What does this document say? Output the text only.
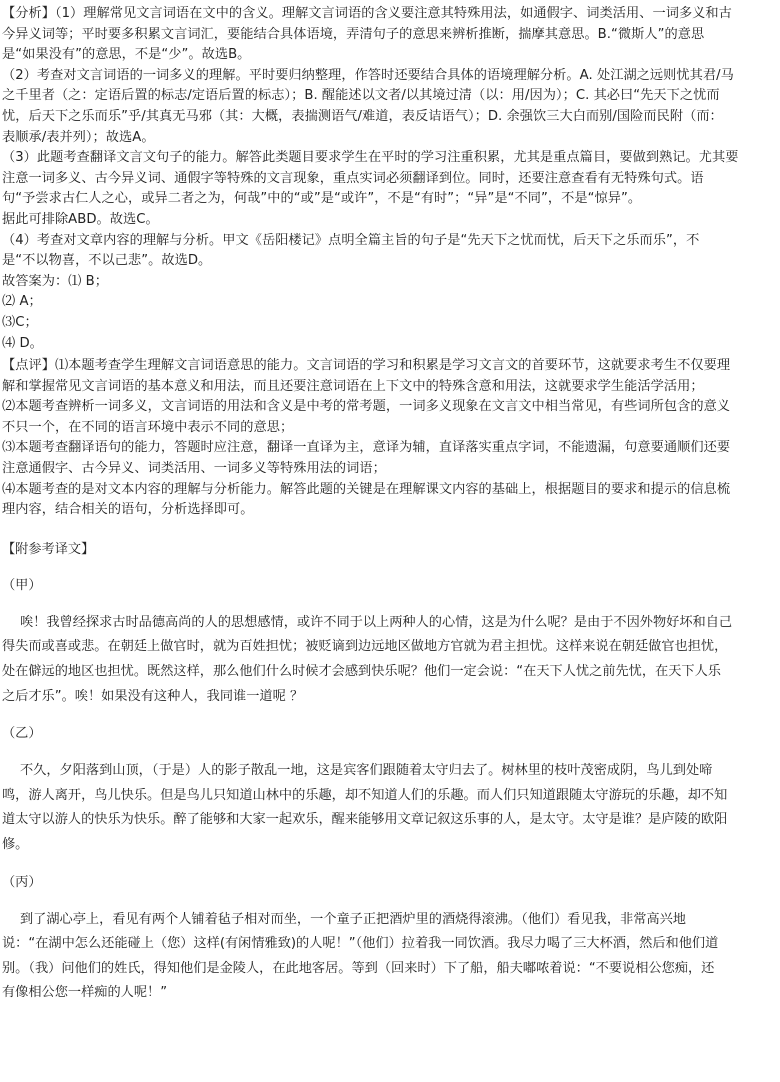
【分析】（1）理解常见文言词语在文中的含义。理解文言词语的含义要注意其特殊用法，如通假字、词类活用、一词多义和古
今异义词等；平时要多积累文言词汇，要能结合具体语境，弄清句子的意思来辨析推断，揣摩其意思。B.“微斯人”的意思
是“如果没有”的意思，不是“少”。故选B。
（2）考查对文言词语的一词多义的理解。平时要归纳整理，作答时还要结合具体的语境理解分析。A. 处江湖之远则忧其君/马
之千里者（之：定语后置的标志/定语后置的标志）；B. 醒能述以文者/以其境过清（以：用/因为）；C. 其必曰“先天下之忧而
忧，后天下之乐而乐”乎/其真无马邪（其：大概，表揣测语气/难道，表反诘语气）；D. 余强饮三大白而别/国险而民附（而：
表顺承/表并列）；故选A。
（3）此题考查翻译文言文句子的能力。解答此类题目要求学生在平时的学习注重积累，尤其是重点篇目，要做到熟记。尤其要
注意一词多义、古今异义词、通假字等特殊的文言现象，重点实词必须翻译到位。同时，还要注意查看有无特殊句式。语
句“予尝求古仁人之心，或异二者之为，何哉”中的“或”是“或许”，不是“有时”；“异”是“不同”，不是“惊异”。
据此可排除ABD。故选C。
（4）考查对文章内容的理解与分析。甲文《岳阳楼记》点明全篇主旨的句子是“先天下之忧而忧，后天下之乐而乐”，不
是“不以物喜，不以己悲”。故选D。
故答案为：⑴ B；
⑵ A；
⑶C；
⑷ D。
【点评】⑴本题考查学生理解文言词语意思的能力。文言词语的学习和积累是学习文言文的首要环节，这就要求考生不仅要理
解和掌握常见文言词语的基本意义和用法，而且还要注意词语在上下文中的特殊含意和用法，这就要求学生能活学活用；
⑵本题考查辨析一词多义，文言词语的用法和含义是中考的常考题，一词多义现象在文言文中相当常见，有些词所包含的意义
不只一个，在不同的语言环境中表示不同的意思；
⑶本题考查翻译语句的能力，答题时应注意，翻译一直译为主，意译为辅，直译落实重点字词，不能遗漏，句意要通顺们还要
注意通假字、古今异义、词类活用、一词多义等特殊用法的词语；
⑷本题考查的是对文本内容的理解与分析能力。解答此题的关键是在理解课文内容的基础上，根据题目的要求和提示的信息梳
理内容，结合相关的语句，分析选择即可。
【附参考译文】
（甲）
唉！我曾经探求古时品德高尚的人的思想感情，或许不同于以上两种人的心情，这是为什么呢？是由于不因外物好坏和自己
得失而或喜或悲。在朝廷上做官时，就为百姓担忧；被贬谪到边远地区做地方官就为君主担忧。这样来说在朝廷做官也担忧，
处在僻远的地区也担忧。既然这样，那么他们什么时候才会感到快乐呢？他们一定会说：“在天下人忧之前先忧，在天下人乐
之后才乐”。唉！如果没有这种人，我同谁一道呢 ？
（乙）
不久，夕阳落到山顶，（于是）人的影子散乱一地，这是宾客们跟随着太守归去了。树林里的枝叶茂密成阴，鸟儿到处啼
鸣，游人离开，鸟儿快乐。但是鸟儿只知道山林中的乐趣，却不知道人们的乐趣。而人们只知道跟随太守游玩的乐趣，却不知
道太守以游人的快乐为快乐。醉了能够和大家一起欢乐，醒来能够用文章记叙这乐事的人，是太守。太守是谁？是庐陵的欧阳
修。
（丙）
到了湖心亭上，看见有两个人铺着毡子相对而坐，一个童子正把酒炉里的酒烧得滚沸。（他们）看见我，非常高兴地
说：“在湖中怎么还能碰上（您）这样(有闲情雅致)的人呢！”（他们）拉着我一同饮酒。我尽力喝了三大杯酒，然后和他们道
别。（我）问他们的姓氏，得知他们是金陵人，在此地客居。等到（回来时）下了船，船夫嘟哝着说：“不要说相公您痴，还
有像相公您一样痴的人呢！”
